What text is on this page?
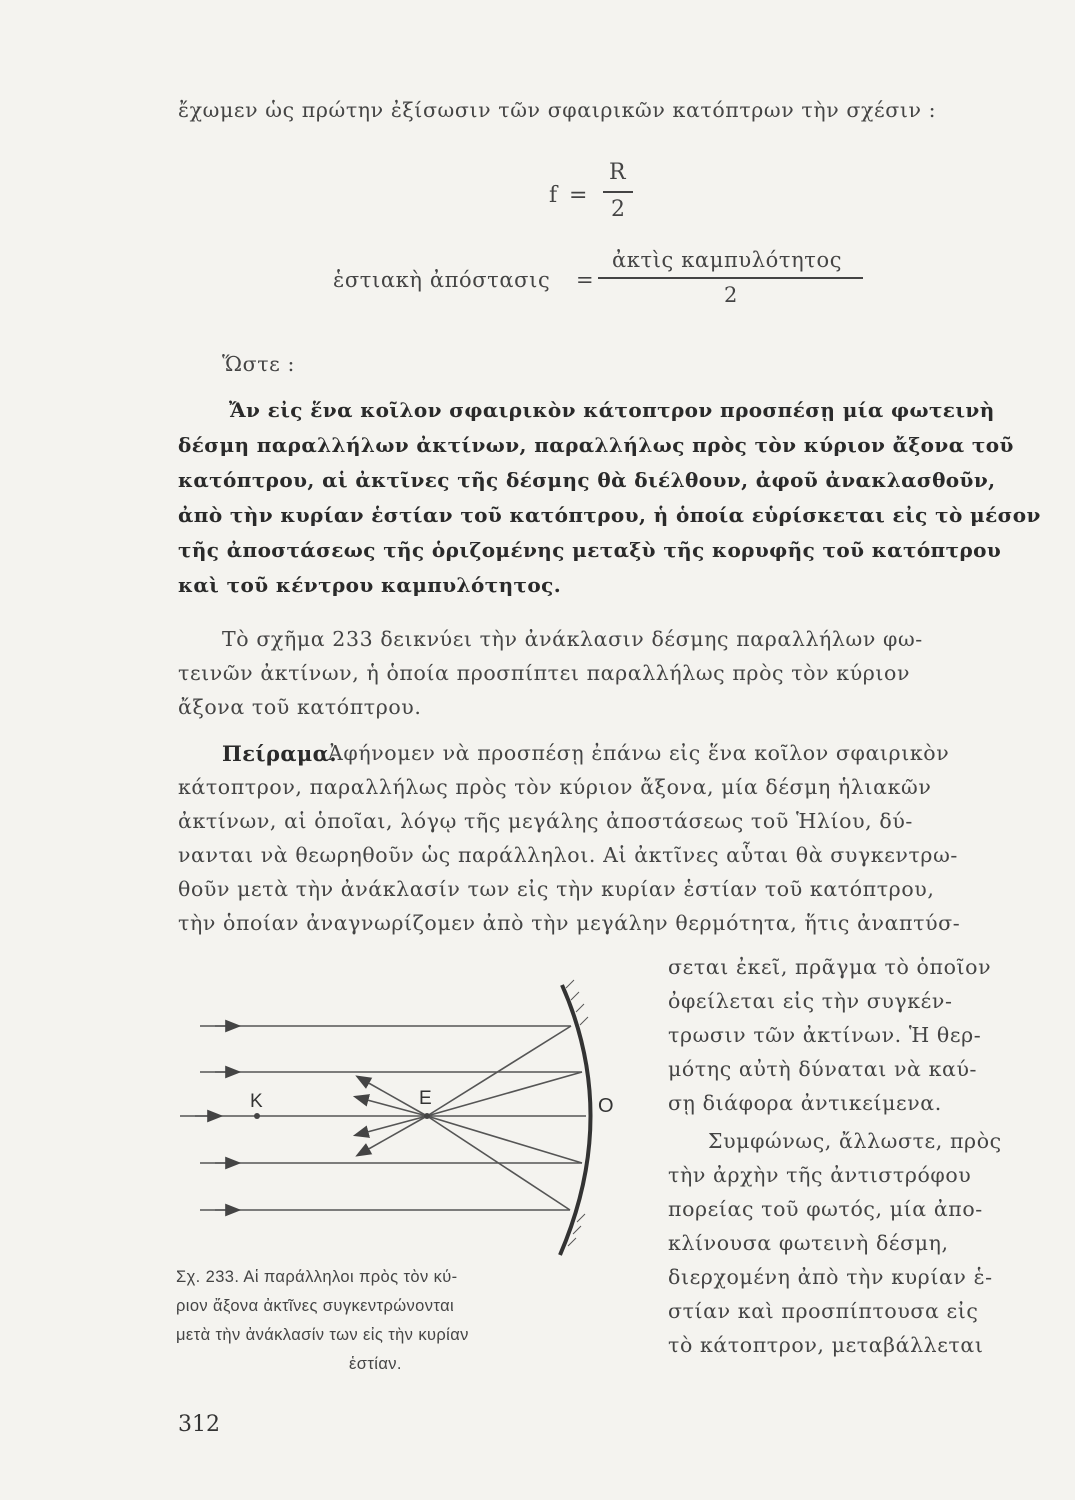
ἔχωμεν ὡς πρώτην ἐξίσωσιν τῶν σφαιρικῶν κατόπτρων τὴν σχέσιν :
f =
R
2
ἑστιακὴ ἀπόστασις =
ἀκτὶς καμπυλότητος
2
Ὥστε :
Ἄν εἰς ἕνα κοῖλον σφαιρικὸν κάτοπτρον προσπέσῃ μία φωτεινὴ
δέσμη παραλλήλων ἀκτίνων, παραλλήλως πρὸς τὸν κύριον ἄξονα τοῦ
κατόπτρου, αἱ ἀκτῖνες τῆς δέσμης θὰ διέλθουν, ἀφοῦ ἀνακλασθοῦν,
ἀπὸ τὴν κυρίαν ἑστίαν τοῦ κατόπτρου, ἡ ὁποία εὑρίσκεται εἰς τὸ μέσον
τῆς ἀποστάσεως τῆς ὁριζομένης μεταξὺ τῆς κορυφῆς τοῦ κατόπτρου
καὶ τοῦ κέντρου καμπυλότητος.
Τὸ σχῆμα 233 δεικνύει τὴν ἀνάκλασιν δέσμης παραλλήλων φω-
τεινῶν ἀκτίνων, ἡ ὁποία προσπίπτει παραλλήλως πρὸς τὸν κύριον
ἄξονα τοῦ κατόπτρου.
Πείραμα.
Ἀφήνομεν νὰ προσπέσῃ ἐπάνω εἰς ἕνα κοῖλον σφαιρικὸν
κάτοπτρον, παραλλήλως πρὸς τὸν κύριον ἄξονα, μία δέσμη ἡλιακῶν
ἀκτίνων, αἱ ὁποῖαι, λόγῳ τῆς μεγάλης ἀποστάσεως τοῦ Ἡλίου, δύ-
νανται νὰ θεωρηθοῦν ὡς παράλληλοι. Αἱ ἀκτῖνες αὗται θὰ συγκεντρω-
θοῦν μετὰ τὴν ἀνάκλασίν των εἰς τὴν κυρίαν ἑστίαν τοῦ κατόπτρου,
τὴν ὁποίαν ἀναγνωρίζομεν ἀπὸ τὴν μεγάλην θερμότητα, ἥτις ἀναπτύσ-
σεται ἐκεῖ, πρᾶγμα τὸ ὁποῖον
ὀφείλεται εἰς τὴν συγκέν-
τρωσιν τῶν ἀκτίνων. Ἡ θερ-
μότης αὐτὴ δύναται νὰ καύ-
σῃ διάφορα ἀντικείμενα.
Συμφώνως, ἄλλωστε, πρὸς
τὴν ἀρχὴν τῆς ἀντιστρόφου
πορείας τοῦ φωτός, μία ἀπο-
κλίνουσα φωτεινὴ δέσμη,
διερχομένη ἀπὸ τὴν κυρίαν ἑ-
στίαν καὶ προσπίπτουσα εἰς
τὸ κάτοπτρον, μεταβάλλεται
K	E	O
Σχ. 233. Αἱ παράλληλοι πρὸς τὸν κύ-
ριον ἄξονα ἀκτῖνες συγκεντρώνονται
μετὰ τὴν ἀνάκλασίν των εἰς τὴν κυρίαν
ἑστίαν.
312
